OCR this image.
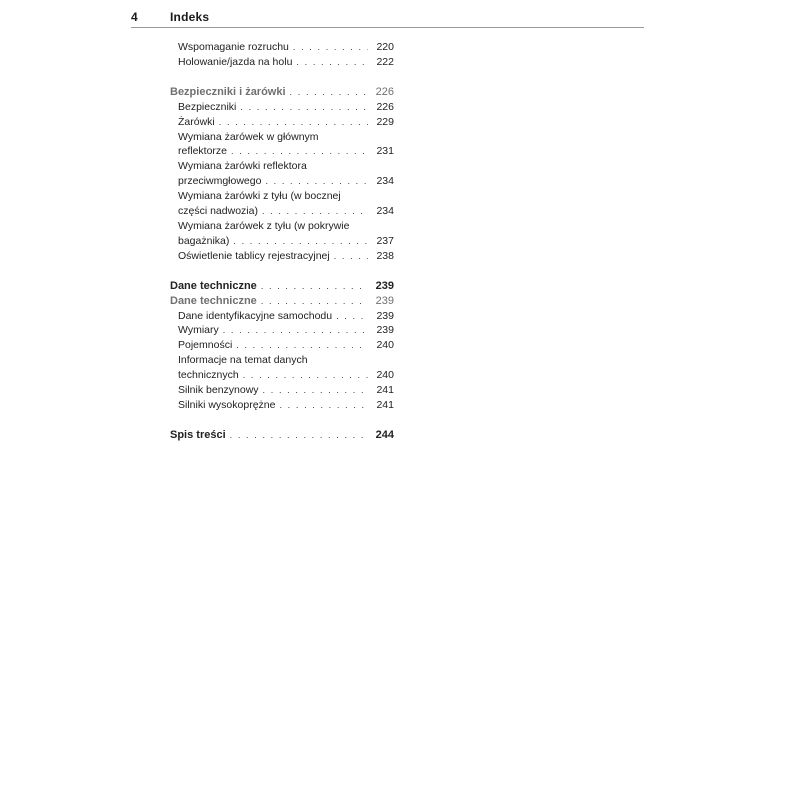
4	Indeks
Wspomaganie rozruchu . . .	220
Holowanie/jazda na holu . . .	222
Bezpieczniki i żarówki . . .	226
Bezpieczniki . . .	226
Żarówki . . .	229
Wymiana żarówek w głównym
reflektorze . . .	231
Wymiana żarówki reflektora
przeciwmgłowego . . .	234
Wymiana żarówki z tyłu (w bocznej
części nadwozia) . . .	234
Wymiana żarówek z tyłu (w pokrywie
bagażnika) . . .	237
Oświetlenie tablicy rejestracyjnej . . .	238
Dane techniczne . . .	239
Dane techniczne . . .	239
Dane identyfikacyjne samochodu . . .	239
Wymiary . . .	239
Pojemności . . .	240
Informacje na temat danych
technicznych . . .	240
Silnik benzynowy . . .	241
Silniki wysokoprężne . . .	241
Spis treści . . .	244
